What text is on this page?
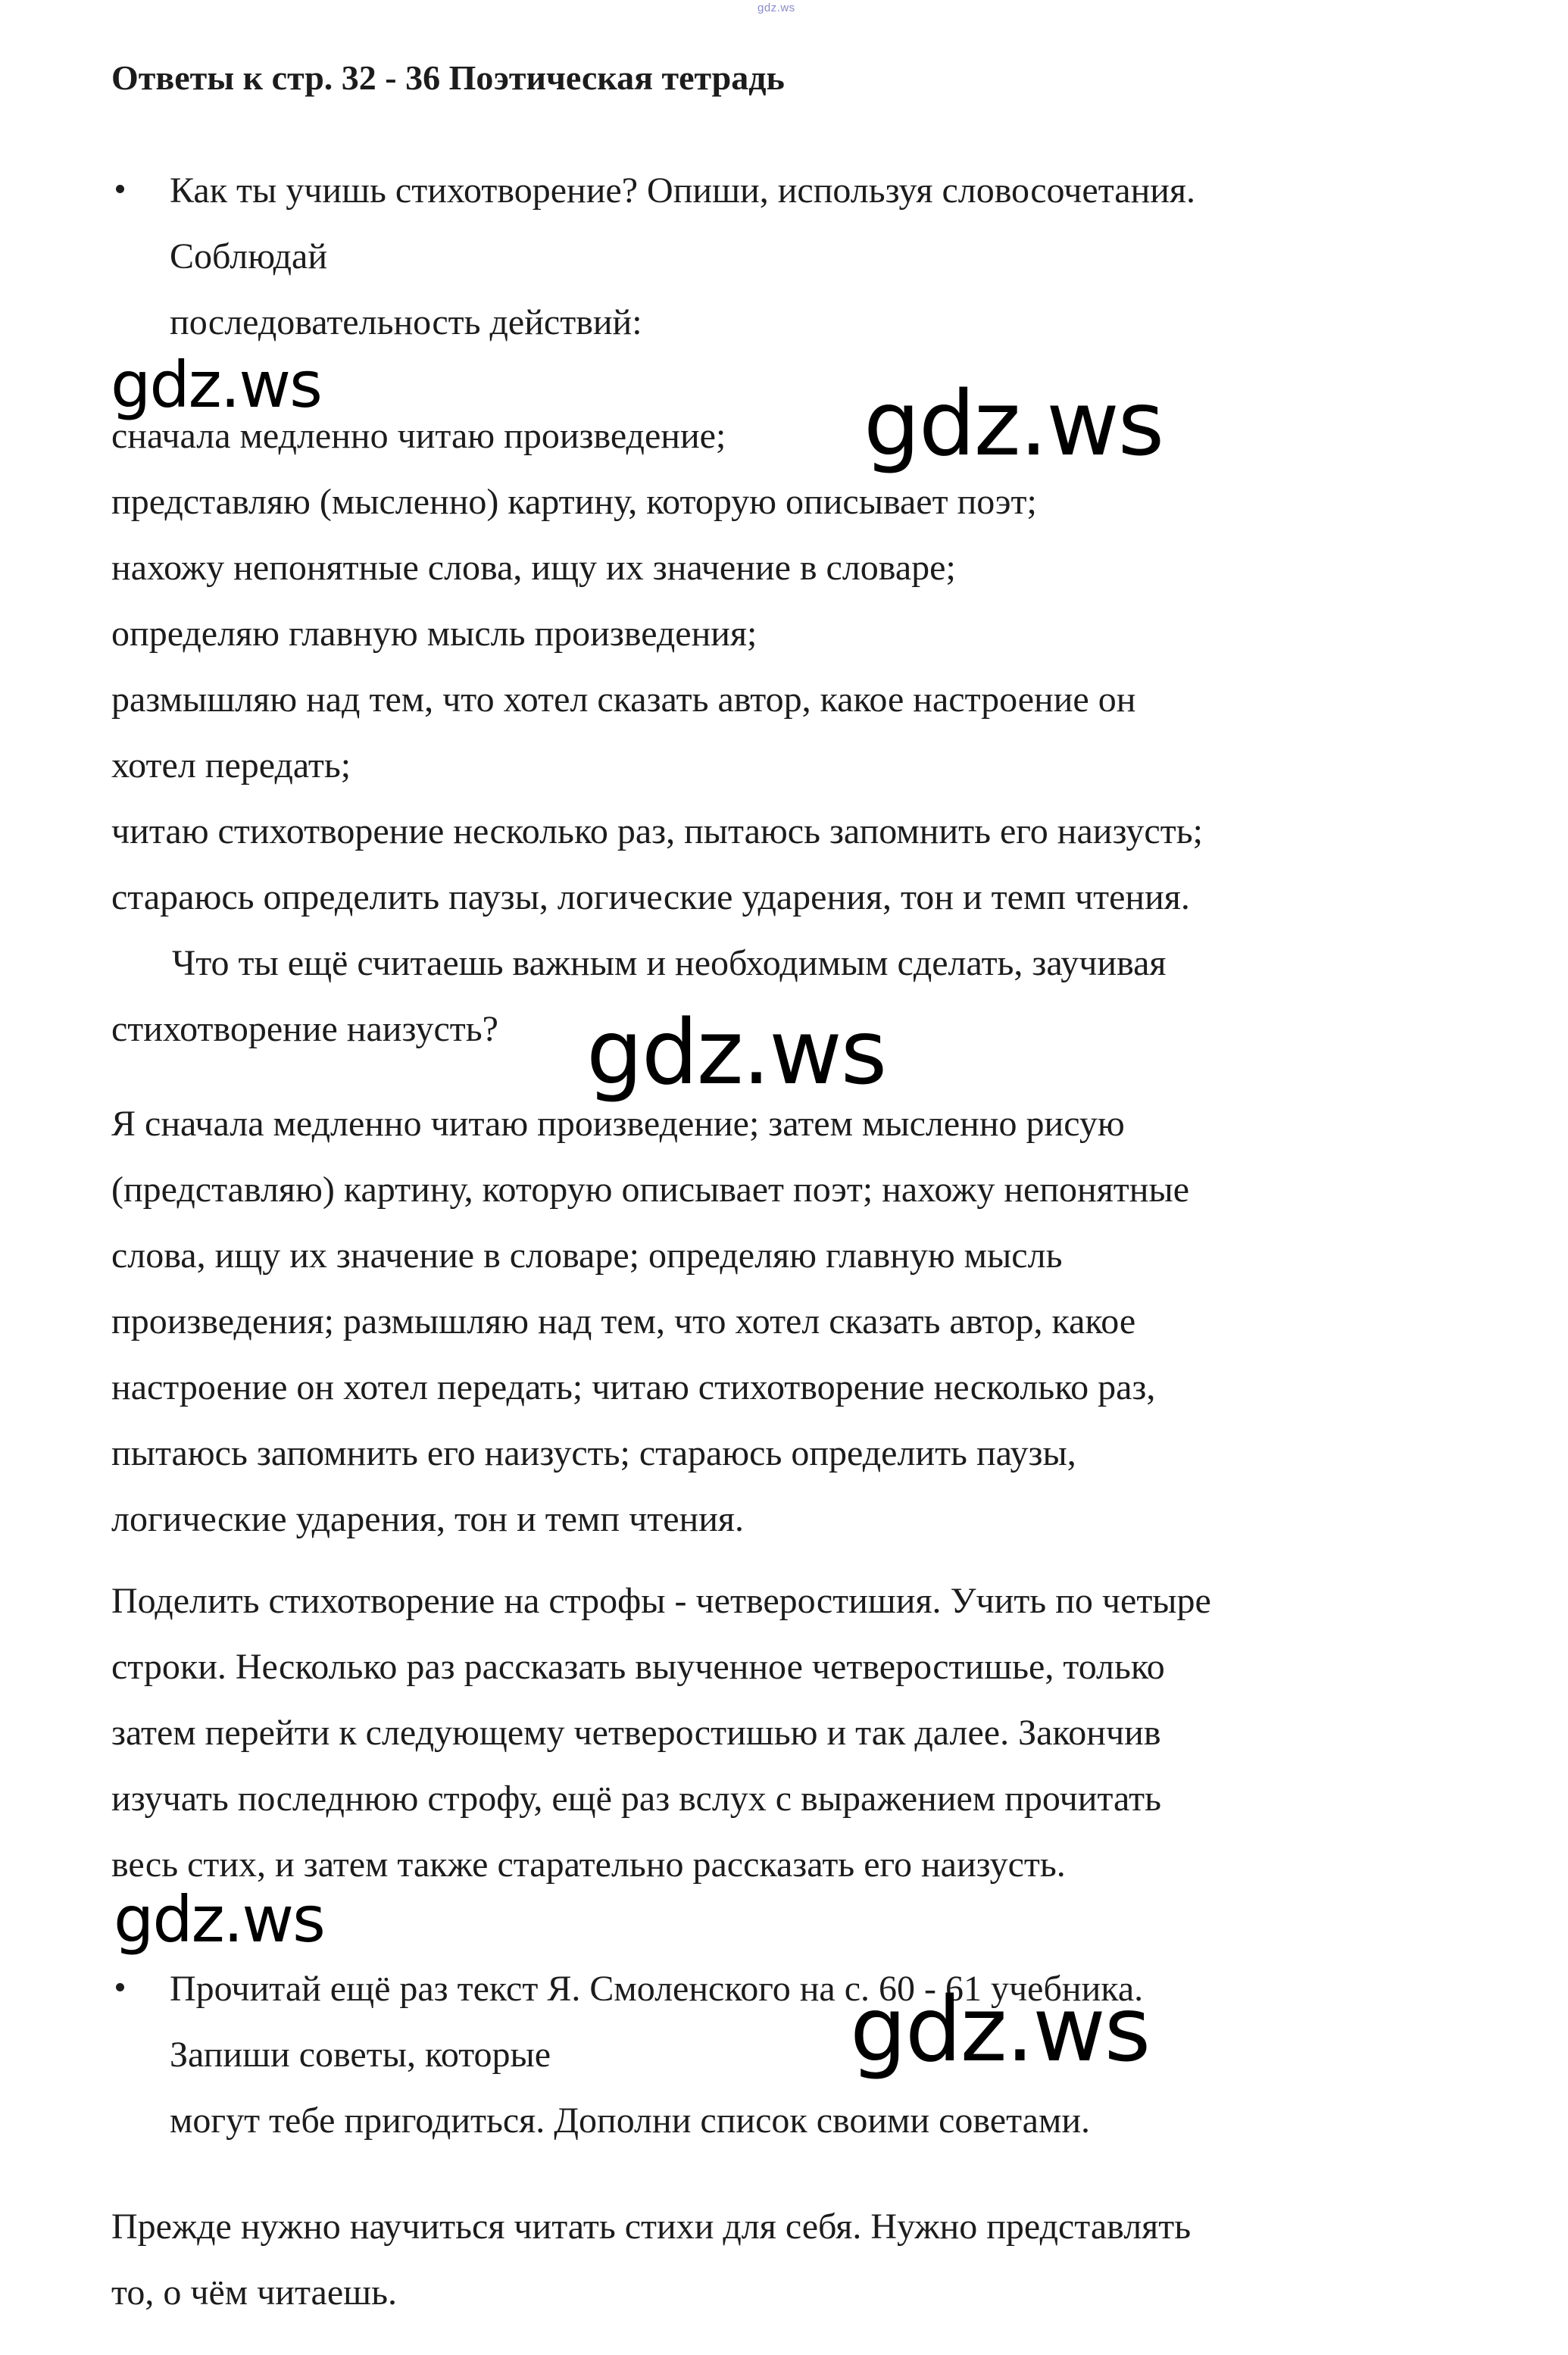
gdz.ws
Ответы к стр. 32 - 36 Поэтическая тетрадь
Как ты учишь стихотворение? Опиши, используя словосочетания.
Соблюдай
последовательность действий:
сначала медленно читаю произведение;
представляю (мысленно) картину, которую описывает поэт;
нахожу непонятные слова, ищу их значение в словаре;
определяю главную мысль произведения;
размышляю над тем, что хотел сказать автор, какое настроение он
хотел передать;
читаю стихотворение несколько раз, пытаюсь запомнить его наизусть;
стараюсь определить паузы, логические ударения, тон и темп чтения.
Что ты ещё считаешь важным и необходимым сделать, заучивая
стихотворение наизусть?
Я сначала медленно читаю произведение; затем мысленно рисую
(представляю) картину, которую описывает поэт; нахожу непонятные
слова, ищу их значение в словаре; определяю главную мысль
произведения; размышляю над тем, что хотел сказать автор, какое
настроение он хотел передать; читаю стихотворение несколько раз,
пытаюсь запомнить его наизусть; стараюсь определить паузы,
логические ударения, тон и темп чтения.
Поделить стихотворение на строфы - четверостишия. Учить по четыре
строки. Несколько раз рассказать выученное четверостишье, только
затем перейти к следующему четверостишью и так далее. Закончив
изучать последнюю строфу, ещё раз вслух с выражением прочитать
весь стих, и затем также старательно рассказать его наизусть.
Прочитай ещё раз текст Я. Смоленского на с. 60 - 61 учебника.
Запиши советы, которые
могут тебе пригодиться. Дополни список своими советами.
Прежде нужно научиться читать стихи для себя. Нужно представлять
то, о чём читаешь.
gdz.ws	gdz.ws
gdz.ws
gdz.ws
gdz.ws
